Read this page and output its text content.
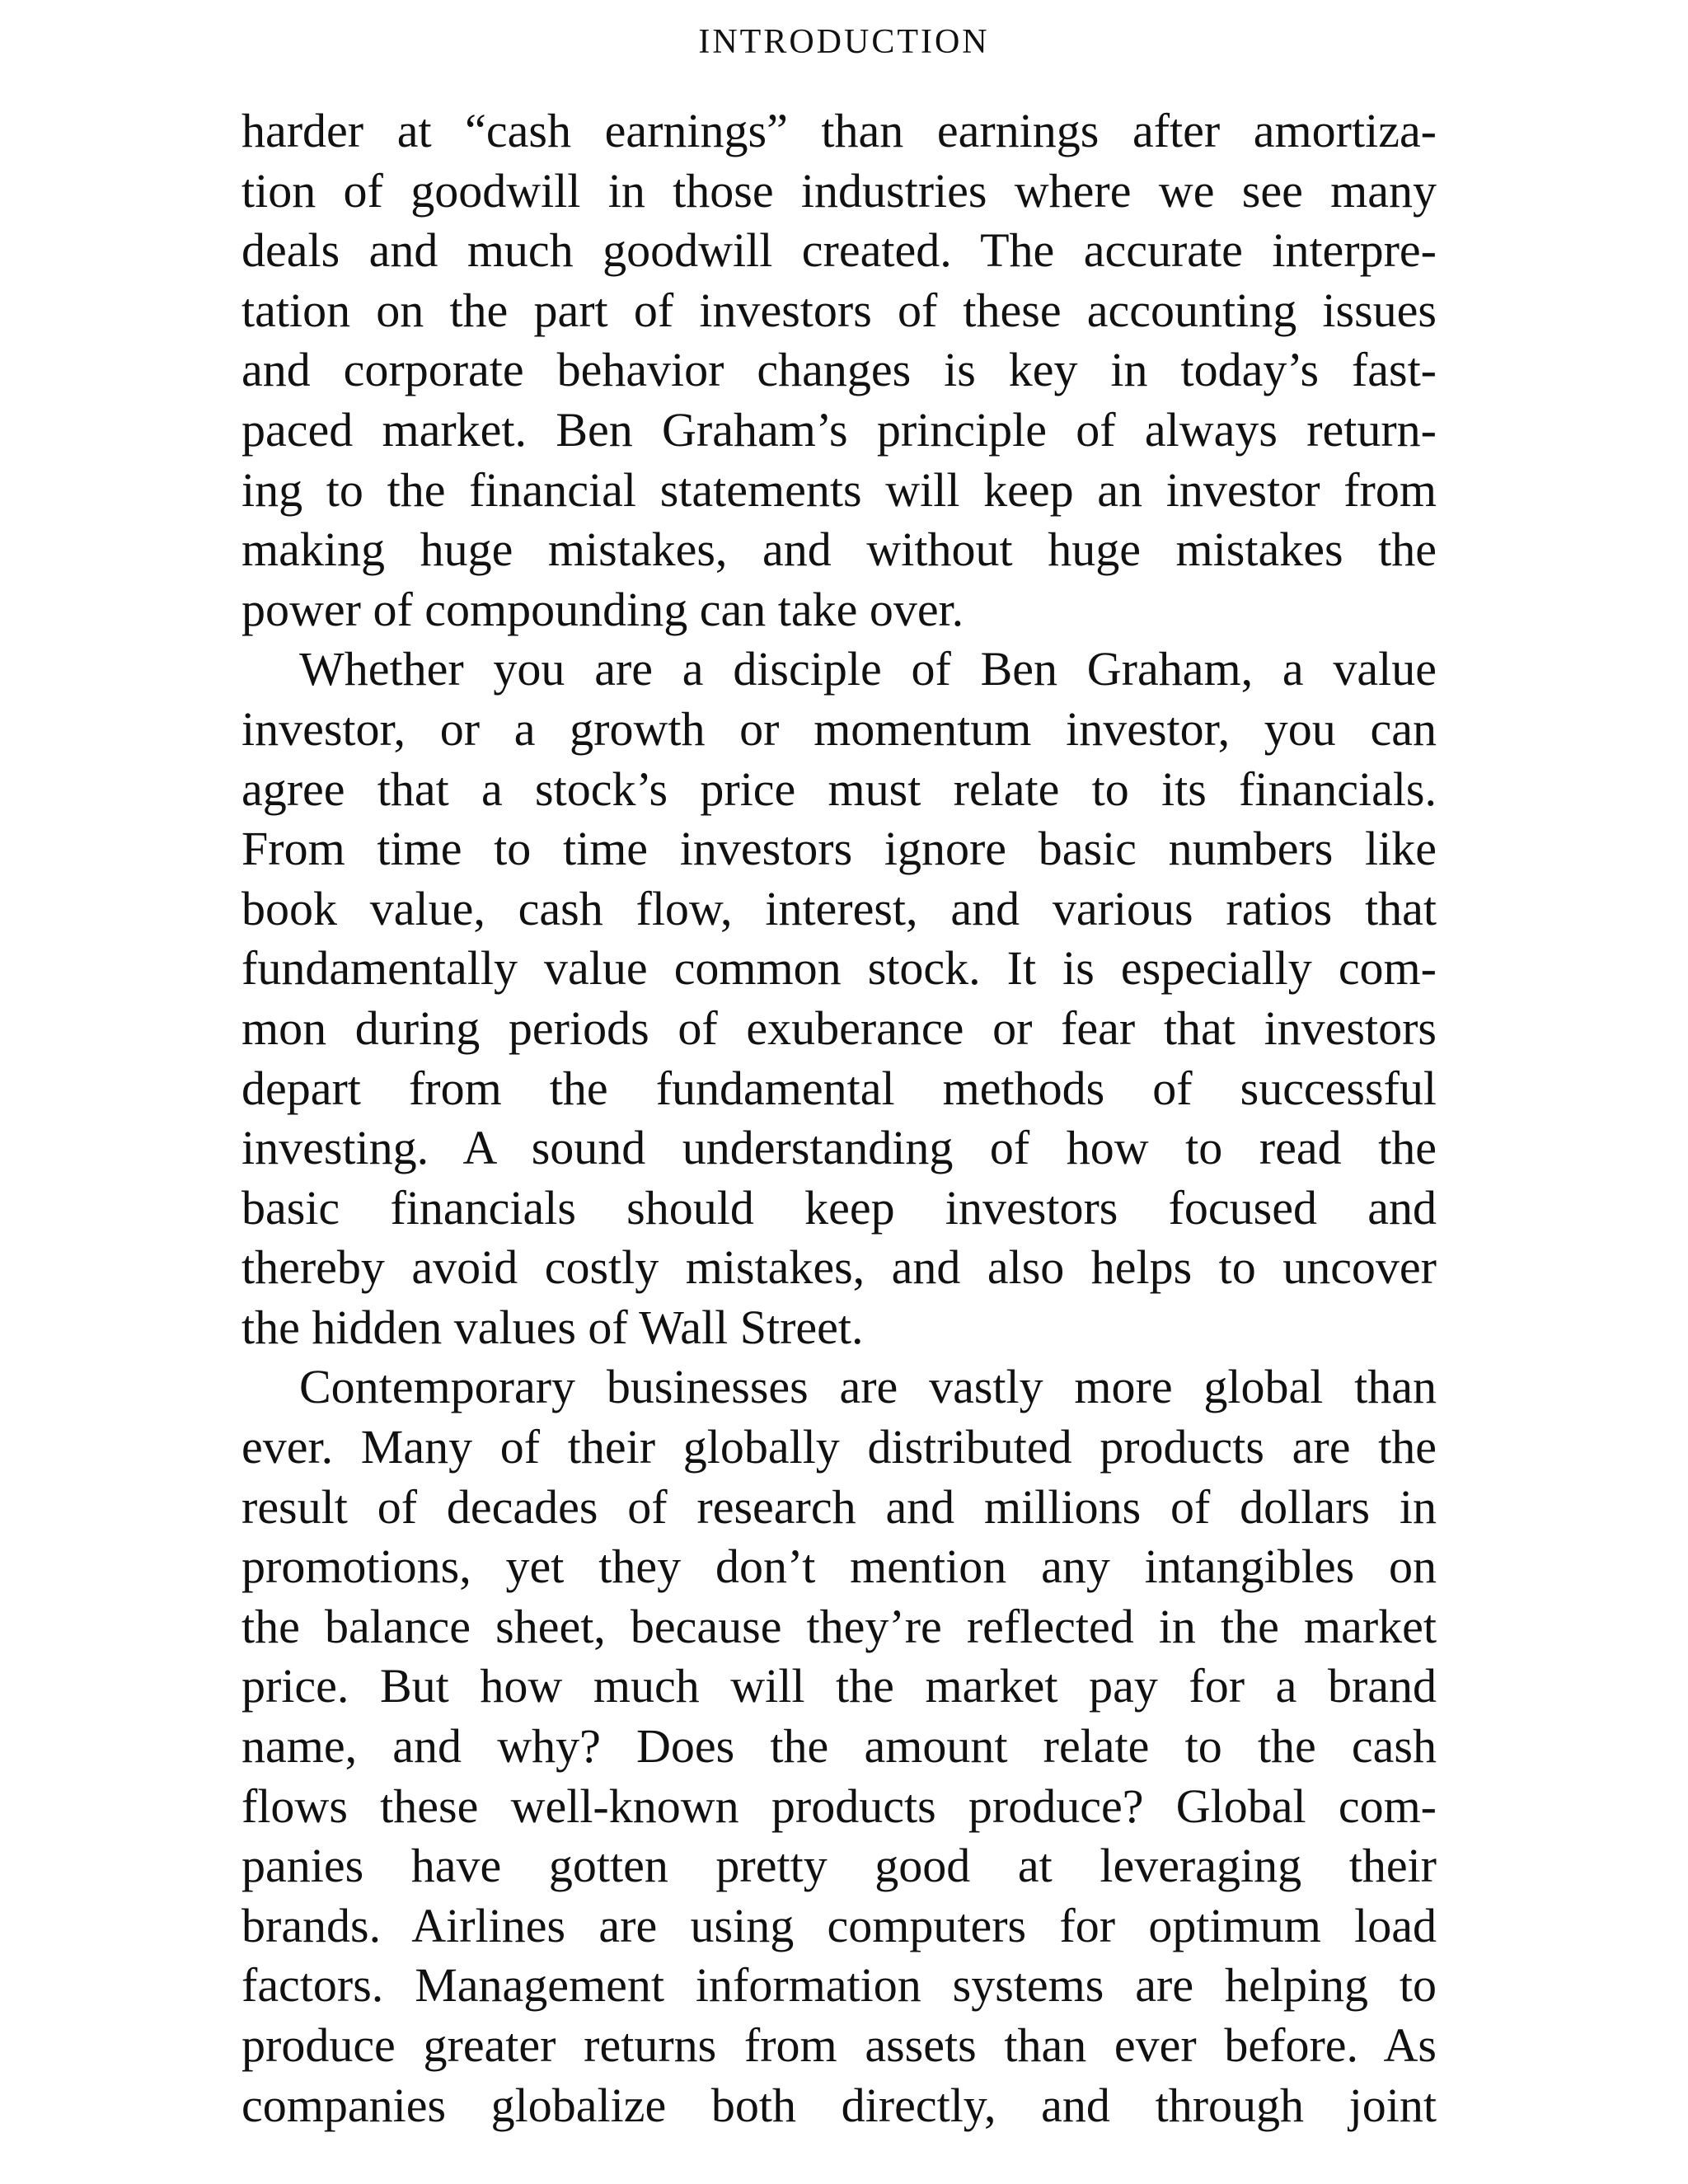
INTRODUCTION
harder at “cash earnings” than earnings after amortiza-
tion of goodwill in those industries where we see many
deals and much goodwill created. The accurate interpre-
tation on the part of investors of these accounting issues
and corporate behavior changes is key in today’s fast-
paced market. Ben Graham’s principle of always return-
ing to the financial statements will keep an investor from
making huge mistakes, and without huge mistakes the
power of compounding can take over.
Whether you are a disciple of Ben Graham, a value
investor, or a growth or momentum investor, you can
agree that a stock’s price must relate to its financials.
From time to time investors ignore basic numbers like
book value, cash flow, interest, and various ratios that
fundamentally value common stock. It is especially com-
mon during periods of exuberance or fear that investors
depart from the fundamental methods of successful
investing. A sound understanding of how to read the
basic financials should keep investors focused and
thereby avoid costly mistakes, and also helps to uncover
the hidden values of Wall Street.
Contemporary businesses are vastly more global than
ever. Many of their globally distributed products are the
result of decades of research and millions of dollars in
promotions, yet they don’t mention any intangibles on
the balance sheet, because they’re reflected in the market
price. But how much will the market pay for a brand
name, and why? Does the amount relate to the cash
flows these well-known products produce? Global com-
panies have gotten pretty good at leveraging their
brands. Airlines are using computers for optimum load
factors. Management information systems are helping to
produce greater returns from assets than ever before. As
companies globalize both directly, and through joint
